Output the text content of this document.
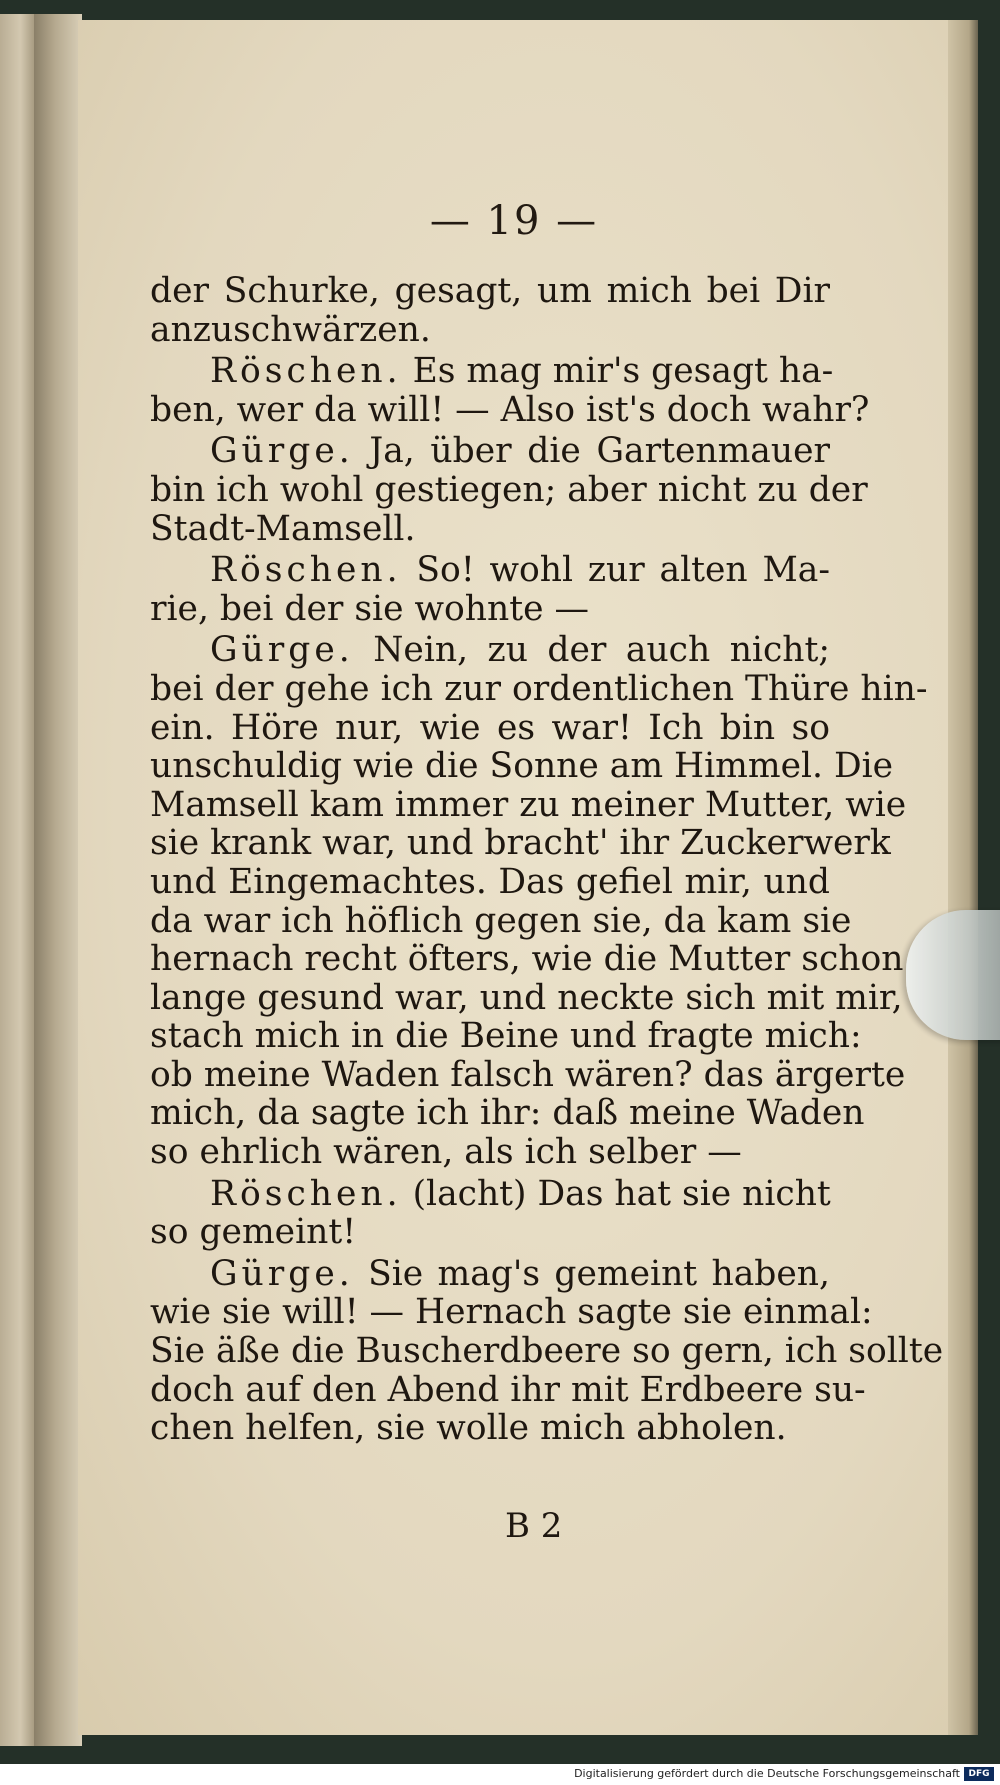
— 19 —
der Schurke, gesagt, um mich bei Dir
anzuschwärzen.
Röschen. Es mag mir's gesagt ha-
ben, wer da will! — Also ist's doch wahr?
Gürge. Ja, über die Gartenmauer
bin ich wohl gestiegen; aber nicht zu der
Stadt-Mamsell.
Röschen. So! wohl zur alten Ma-
rie, bei der sie wohnte —
Gürge. Nein, zu der auch nicht;
bei der gehe ich zur ordentlichen Thüre hin-
ein. Höre nur, wie es war! Ich bin so
unschuldig wie die Sonne am Himmel. Die
Mamsell kam immer zu meiner Mutter, wie
sie krank war, und bracht' ihr Zuckerwerk
und Eingemachtes. Das gefiel mir, und
da war ich höflich gegen sie, da kam sie
hernach recht öfters, wie die Mutter schon
lange gesund war, und neckte sich mit mir,
stach mich in die Beine und fragte mich:
ob meine Waden falsch wären? das ärgerte
mich, da sagte ich ihr: daß meine Waden
so ehrlich wären, als ich selber —
Röschen. (lacht) Das hat sie nicht
so gemeint!
Gürge. Sie mag's gemeint haben,
wie sie will! — Hernach sagte sie einmal:
Sie äße die Buscherdbeere so gern, ich sollte
doch auf den Abend ihr mit Erdbeere su-
chen helfen, sie wolle mich abholen.
B 2
Digitalisierung gefördert durch die Deutsche Forschungsgemeinschaft DFG
